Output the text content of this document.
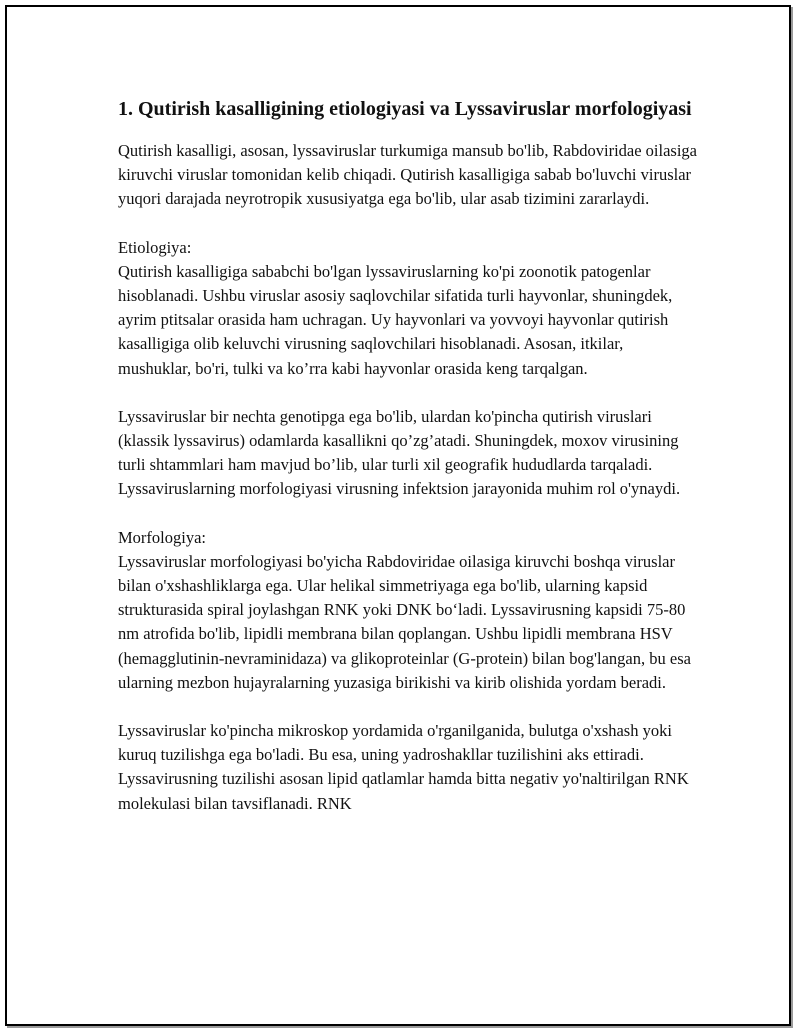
1. Qutirish kasalligining etiologiyasi va Lyssaviruslar morfologiyasi

Qutirish kasalligi, asosan, lyssaviruslar turkumiga mansub bo'lib, Rabdoviridae oilasiga kiruvchi viruslar tomonidan kelib chiqadi. Qutirish kasalligiga sabab bo'luvchi viruslar yuqori darajada neyrotropik xususiyatga ega bo'lib, ular asab tizimini zararlaydi.

Etiologiya:

Qutirish kasalligiga sababchi bo'lgan lyssaviruslarning ko'pi zoonotik patogenlar hisoblanadi. Ushbu viruslar asosiy saqlovchilar sifatida turli hayvonlar, shuningdek, ayrim ptitsalar orasida ham uchragan. Uy hayvonlari va yovvoyi hayvonlar qutirish kasalligiga olib keluvchi virusning saqlovchilari hisoblanadi. Asosan, itkilar, mushuklar, bo'ri, tulki va ko’rra kabi hayvonlar orasida keng tarqalgan.

Lyssaviruslar bir nechta genotipga ega bo'lib, ulardan ko'pincha qutirish viruslari (klassik lyssavirus) odamlarda kasallikni qo’zg’atadi. Shuningdek, moxov virusining turli shtammlari ham mavjud bo’lib, ular turli xil geografik hududlarda tarqaladi. Lyssaviruslarning morfologiyasi virusning infektsion jarayonida muhim rol o'ynaydi.

Morfologiya:

Lyssaviruslar morfologiyasi bo'yicha Rabdoviridae oilasiga kiruvchi boshqa viruslar bilan o'xshashliklarga ega. Ular helikal simmetriyaga ega bo'lib, ularning kapsid strukturasida spiral joylashgan RNK yoki DNK bo‘ladi. Lyssavirusning kapsidi 75-80 nm atrofida bo'lib, lipidli membrana bilan qoplangan. Ushbu lipidli membrana HSV (hemagglutinin-nevraminidaza) va glikoproteinlar (G-protein) bilan bog'langan, bu esa ularning mezbon hujayralarning yuzasiga birikishi va kirib olishida yordam beradi.

Lyssaviruslar ko'pincha mikroskop yordamida o'rganilganida, bulutga o'xshash yoki kuruq tuzilishga ega bo'ladi. Bu esa, uning yadroshakllar tuzilishini aks ettiradi. Lyssavirusning tuzilishi asosan lipid qatlamlar hamda bitta negativ yo'naltirilgan RNK molekulasi bilan tavsiflanadi. RNK
